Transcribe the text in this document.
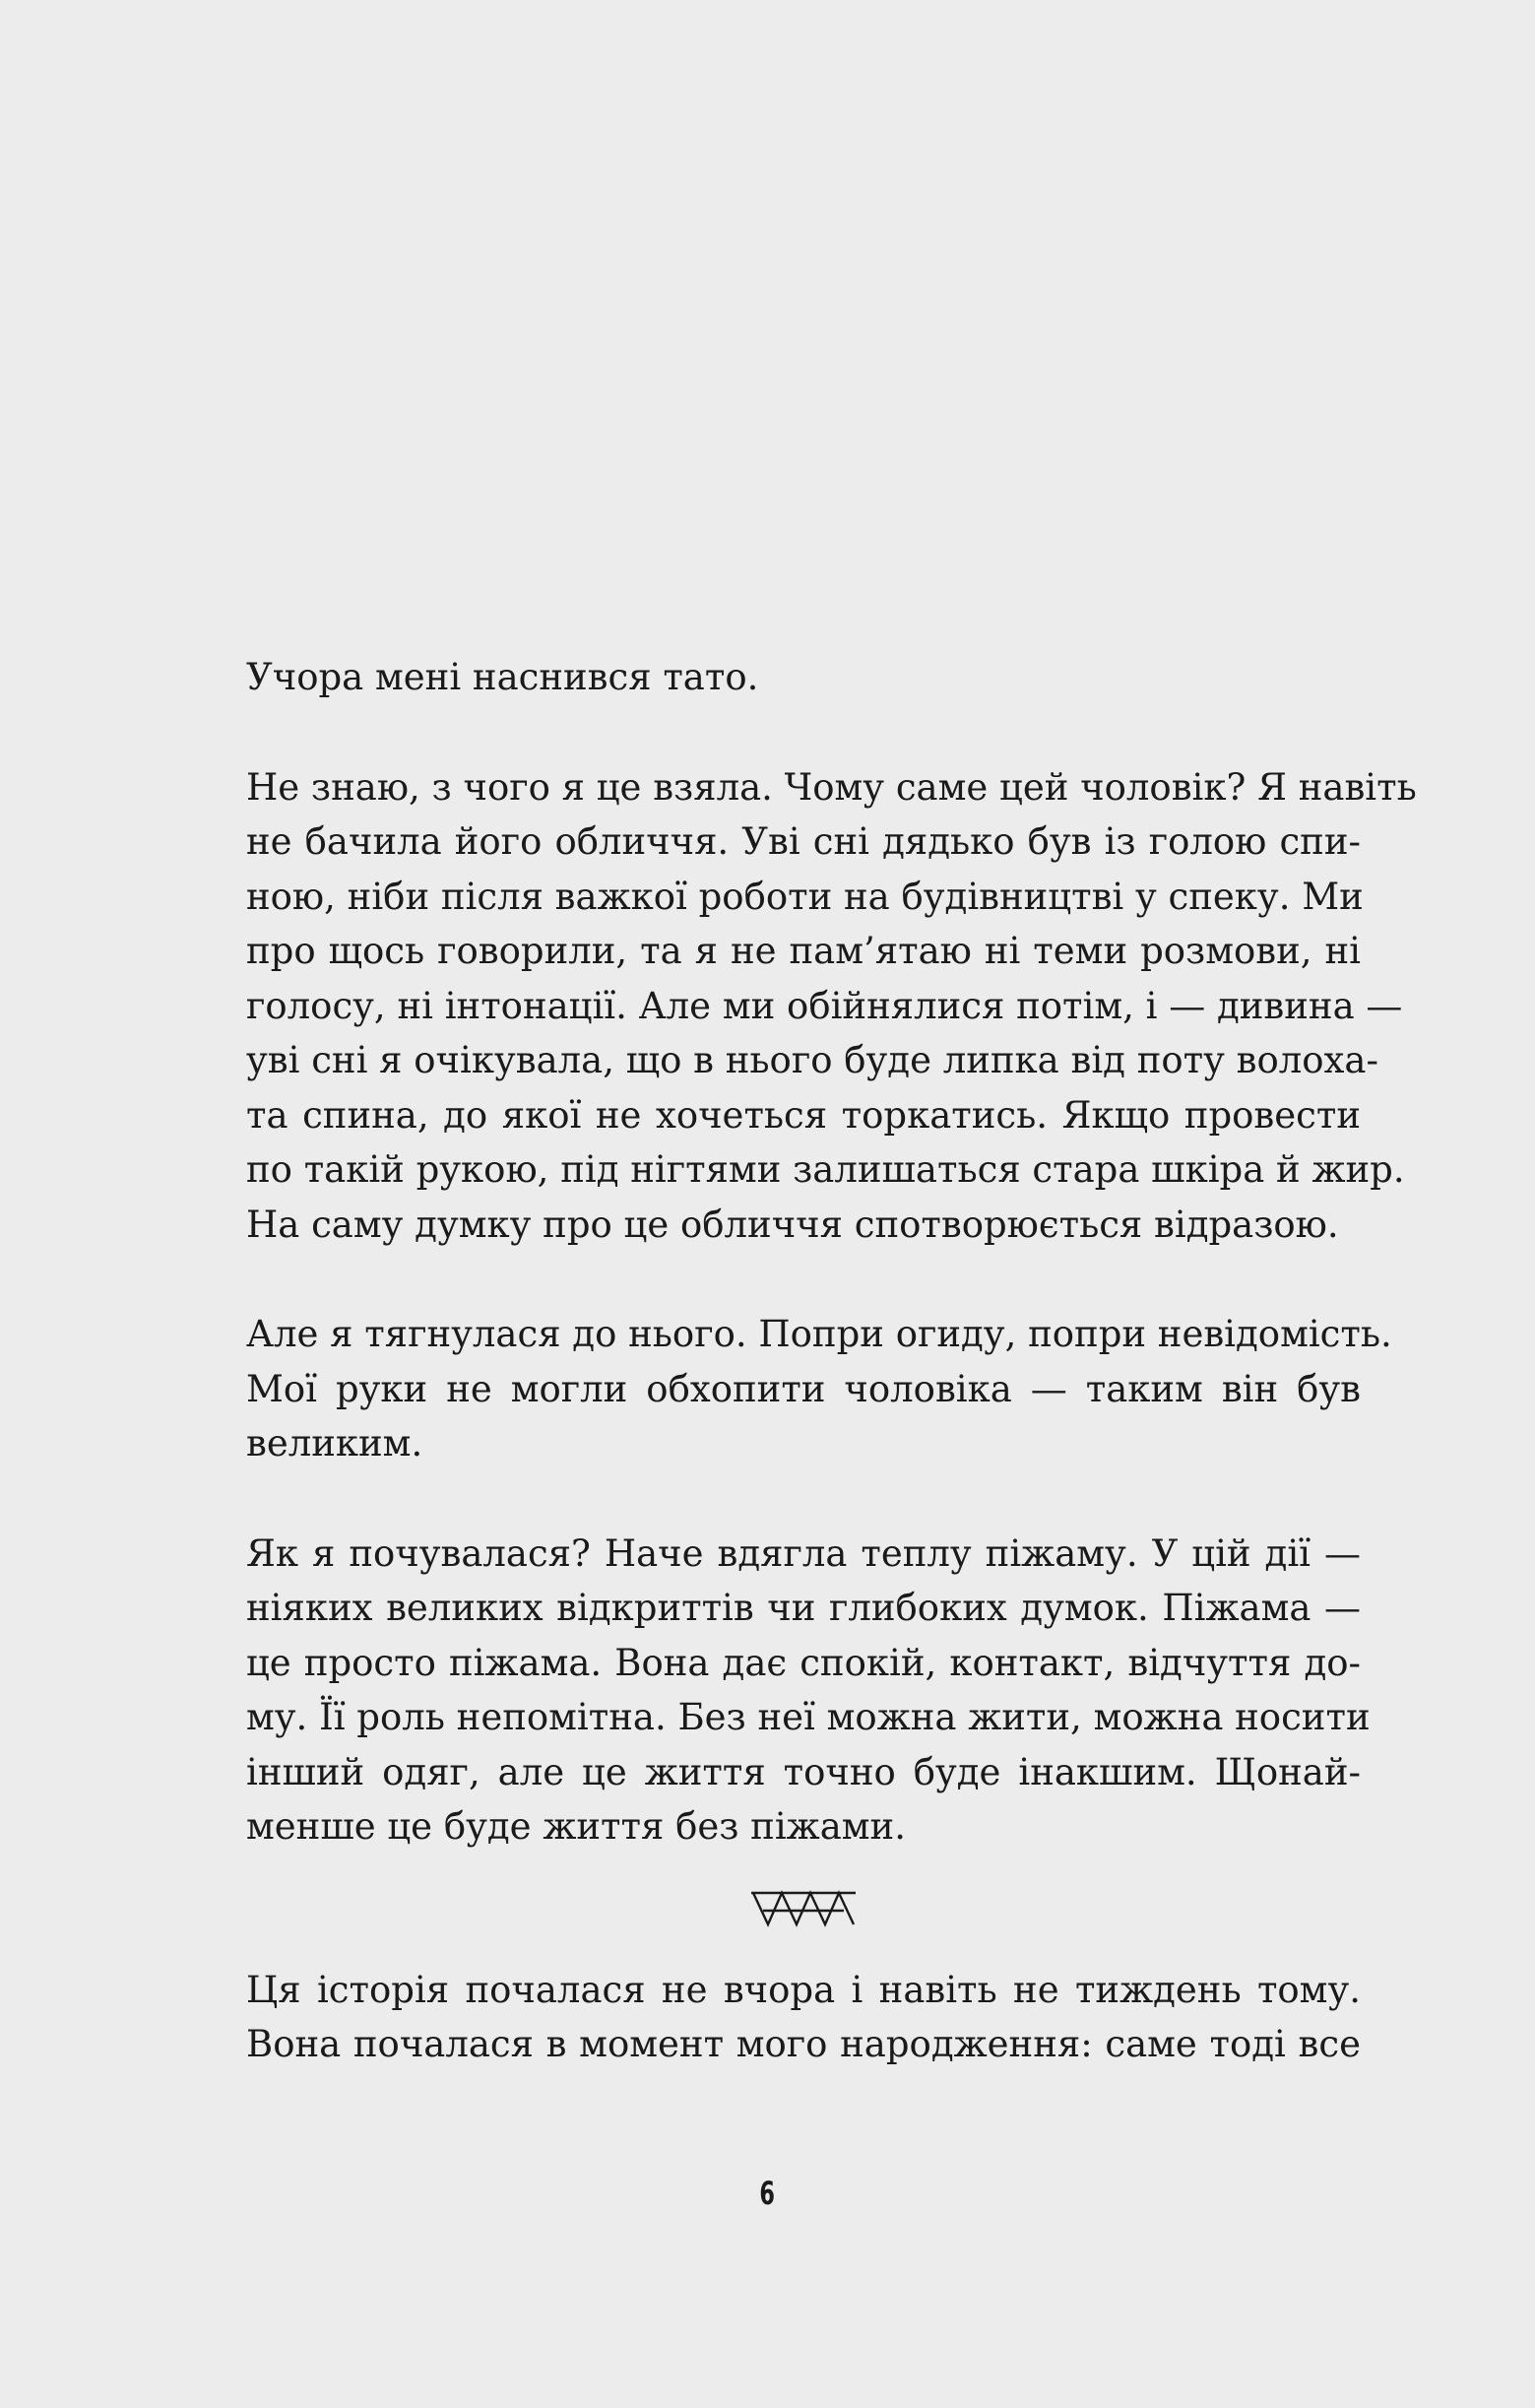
Учора мені наснився тато.

Не знаю, з чого я це взяла. Чому саме цей чоловік? Я навіть
не бачила його обличчя. Уві сні дядько був із голою спи-
ною, ніби після важкої роботи на будівництві у спеку. Ми
про щось говорили, та я не пам’ятаю ні теми розмови, ні
голосу, ні інтонації. Але ми обійнялися потім, і — дивина —
уві сні я очікувала, що в нього буде липка від поту волоха-
та спина, до якої не хочеться торкатись. Якщо провести
по такій рукою, під нігтями залишаться стара шкіра й жир.
На саму думку про це обличчя спотворюється відразою.

Але я тягнулася до нього. Попри огиду, попри невідомість.
Мої руки не могли обхопити чоловіка — таким він був
великим.

Як я почувалася? Наче вдягла теплу піжаму. У цій дії —
ніяких великих відкриттів чи глибоких думок. Піжама —
це просто піжама. Вона дає спокій, контакт, відчуття до-
му. Її роль непомітна. Без неї можна жити, можна носити
інший одяг, але це життя точно буде інакшим. Щонай-
менше це буде життя без піжами.

Ця історія почалася не вчора і навіть не тиждень тому.
Вона почалася в момент мого народження: саме тоді все

6
